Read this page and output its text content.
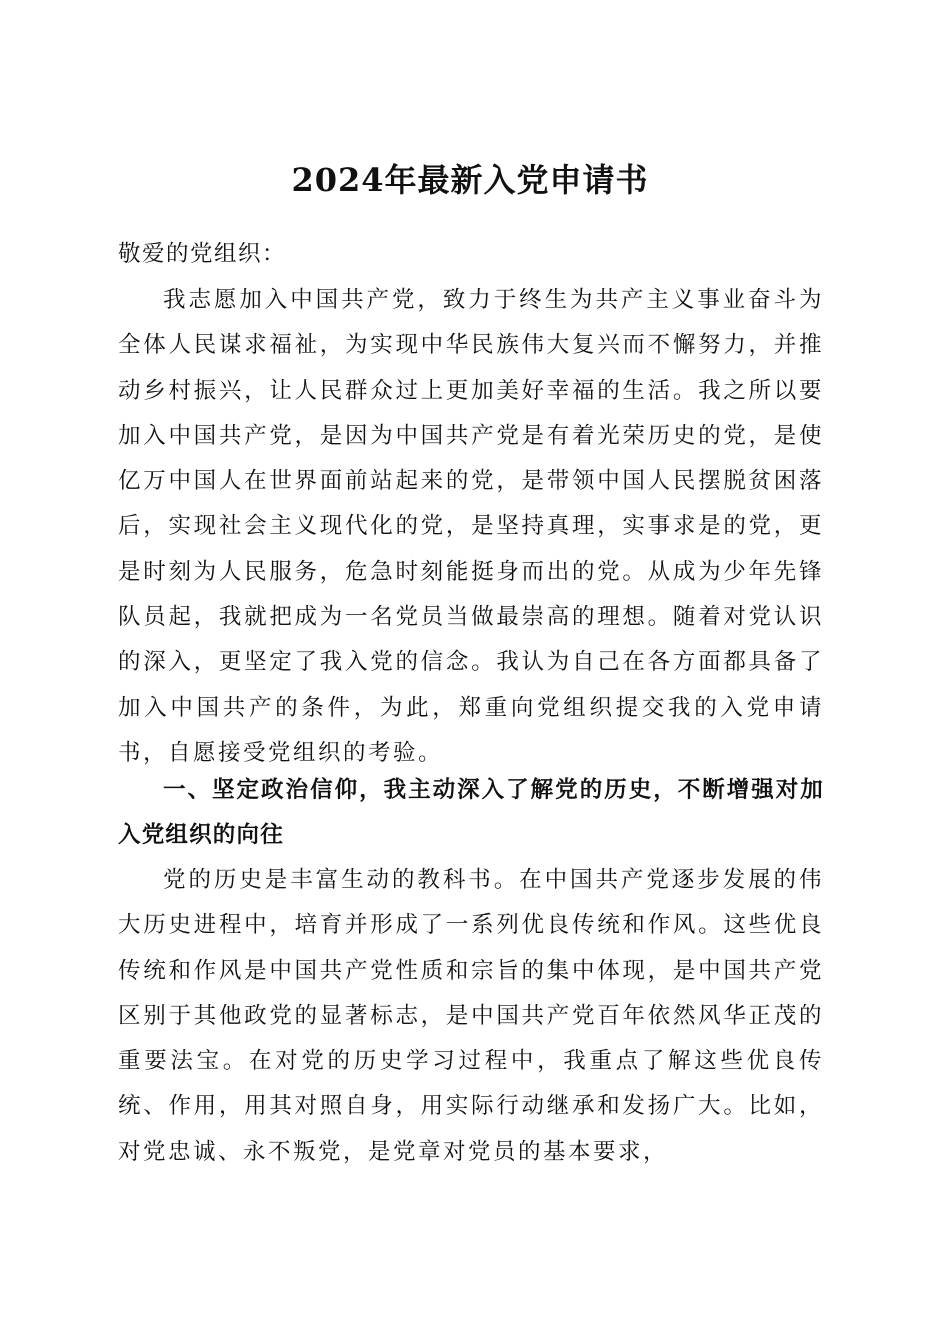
2024年最新入党申请书

敬爱的党组织：

我志愿加入中国共产党，致力于终生为共产主义事业奋斗为全体人民谋求福祉，为实现中华民族伟大复兴而不懈努力，并推动乡村振兴，让人民群众过上更加美好幸福的生活。我之所以要加入中国共产党，是因为中国共产党是有着光荣历史的党，是使亿万中国人在世界面前站起来的党，是带领中国人民摆脱贫困落后，实现社会主义现代化的党，是坚持真理，实事求是的党，更是时刻为人民服务，危急时刻能挺身而出的党。从成为少年先锋队员起，我就把成为一名党员当做最崇高的理想。随着对党认识的深入，更坚定了我入党的信念。我认为自己在各方面都具备了加入中国共产的条件，为此，郑重向党组织提交我的入党申请书，自愿接受党组织的考验。

一、坚定政治信仰，我主动深入了解党的历史，不断增强对加入党组织的向往

党的历史是丰富生动的教科书。在中国共产党逐步发展的伟大历史进程中，培育并形成了一系列优良传统和作风。这些优良传统和作风是中国共产党性质和宗旨的集中体现，是中国共产党区别于其他政党的显著标志，是中国共产党百年依然风华正茂的重要法宝。在对党的历史学习过程中，我重点了解这些优良传统、作用，用其对照自身，用实际行动继承和发扬广大。比如，对党忠诚、永不叛党，是党章对党员的基本要求，
